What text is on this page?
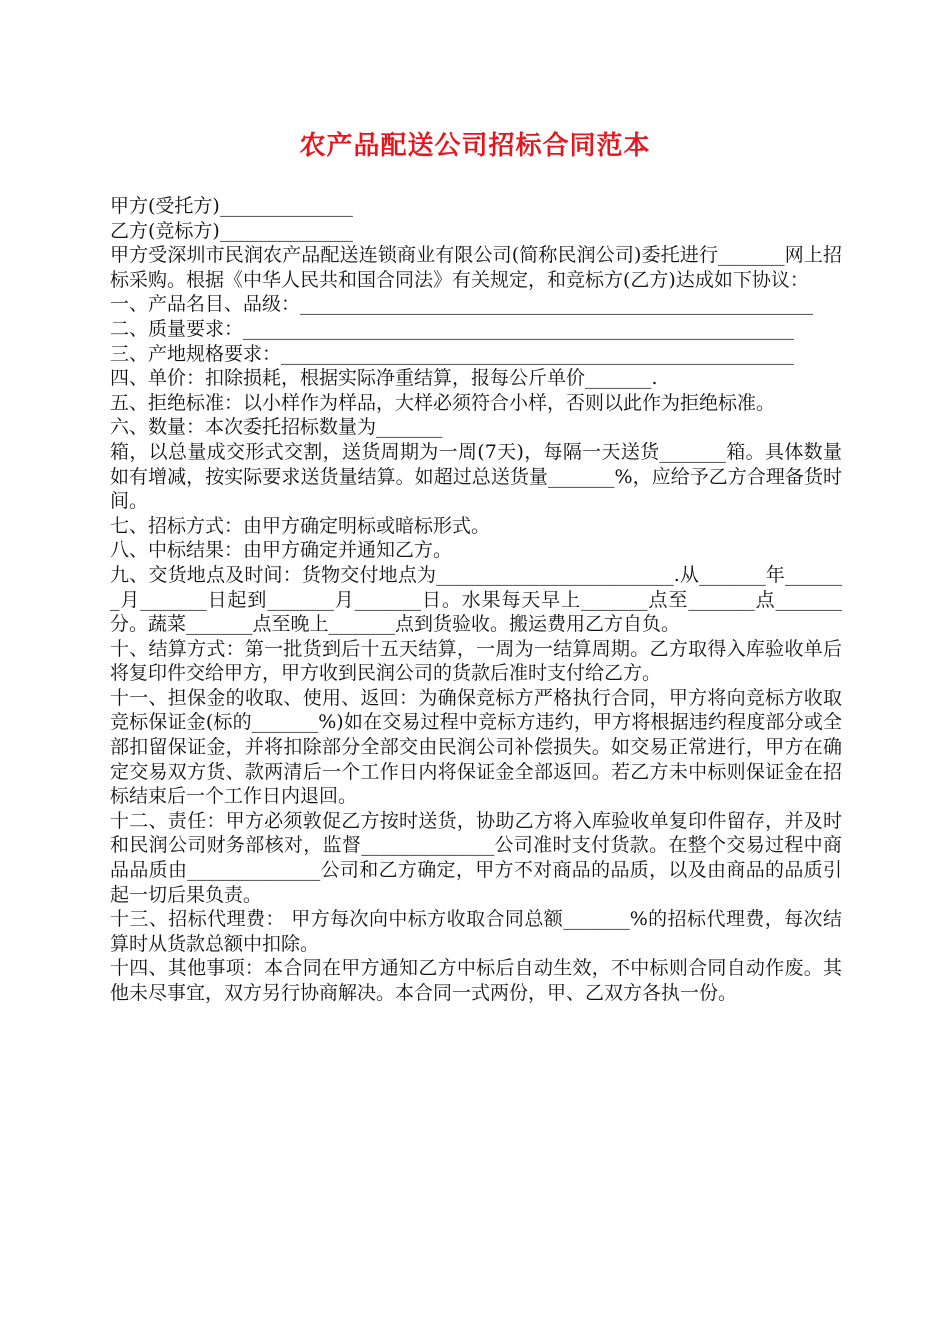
农产品配送公司招标合同范本

甲方(受托方)______________

乙方(竞标方)______________

甲方受深圳市民润农产品配送连锁商业有限公司(简称民润公司)委托进行_______网上招标采购。根据《中华人民共和国合同法》有关规定，和竞标方(乙方)达成如下协议：

一、产品名目、品级：______________________________________________________

二、质量要求：__________________________________________________________

三、产地规格要求：______________________________________________________

四、单价：扣除损耗，根据实际净重结算，报每公斤单价_______.

五、拒绝标准：以小样作为样品，大样必须符合小样，否则以此作为拒绝标准。

六、数量：本次委托招标数量为_______

箱，以总量成交形式交割，送货周期为一周(7天)，每隔一天送货_______箱。具体数量如有增减，按实际要求送货量结算。如超过总送货量_______%，应给予乙方合理备货时间。

七、招标方式：由甲方确定明标或暗标形式。

八、中标结果：由甲方确定并通知乙方。

九、交货地点及时间：货物交付地点为_________________________.从_______年_______月_______日起到_______月_______日。水果每天早上_______点至_______点_______分。蔬菜_______点至晚上_______点到货验收。搬运费用乙方自负。

十、结算方式：第一批货到后十五天结算，一周为一结算周期。乙方取得入库验收单后将复印件交给甲方，甲方收到民润公司的货款后准时支付给乙方。

十一、担保金的收取、使用、返回：为确保竞标方严格执行合同，甲方将向竞标方收取竞标保证金(标的_______%)如在交易过程中竞标方违约，甲方将根据违约程度部分或全部扣留保证金，并将扣除部分全部交由民润公司补偿损失。如交易正常进行，甲方在确定交易双方货、款两清后一个工作日内将保证金全部返回。若乙方未中标则保证金在招标结束后一个工作日内退回。

十二、责任：甲方必须敦促乙方按时送货，协助乙方将入库验收单复印件留存，并及时和民润公司财务部核对，监督______________公司准时支付货款。在整个交易过程中商品品质由______________公司和乙方确定，甲方不对商品的品质，以及由商品的品质引起一切后果负责。

十三、招标代理费： 甲方每次向中标方收取合同总额_______%的招标代理费，每次结算时从货款总额中扣除。

十四、其他事项：本合同在甲方通知乙方中标后自动生效，不中标则合同自动作废。其他未尽事宜，双方另行协商解决。本合同一式两份，甲、乙双方各执一份。
